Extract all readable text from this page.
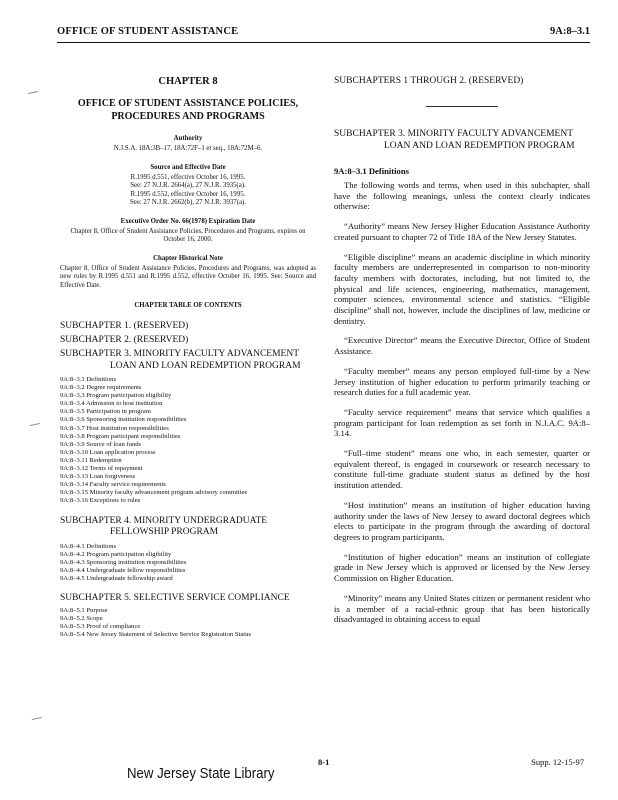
OFFICE OF STUDENT ASSISTANCE	9A:8–3.1

CHAPTER 8

OFFICE OF STUDENT ASSISTANCE POLICIES, PROCEDURES AND PROGRAMS

Authority

N.J.S.A. 18A:3B–17, 18A:72F–1 et seq., 18A:72M–6.

Source and Effective Date

R.1995 d.551, effective October 16, 1995.
See: 27 N.J.R. 2664(a), 27 N.J.R. 3935(a).
R.1995 d.552, effective October 16, 1995.
See: 27 N.J.R. 2662(b), 27 N.J.R. 3937(a).

Executive Order No. 66(1978) Expiration Date

Chapter 8, Office of Student Assistance Policies, Procedures and Programs, expires on October 16, 2000.

Chapter Historical Note

Chapter 8, Office of Student Assistance Policies, Procedures and Programs, was adopted as new rules by R.1995 d.551 and R.1995 d.552, effective October 16, 1995. See: Source and Effective Date.

CHAPTER TABLE OF CONTENTS

SUBCHAPTER 1. (RESERVED)

SUBCHAPTER 2. (RESERVED)

SUBCHAPTER 3. MINORITY FACULTY ADVANCEMENT LOAN AND LOAN REDEMPTION PROGRAM

9A:8–3.1 Definitions
9A:8–3.2 Degree requirements
9A:8–3.3 Program participation eligibility
9A:8–3.4 Admission to host institution
9A:8–3.5 Participation in program
9A:8–3.6 Sponsoring institution responsibilities
9A:8–3.7 Host institution responsibilities
9A:8–3.8 Program participant responsibilities
9A:8–3.9 Source of loan funds
9A:8–3.10 Loan application process
9A:8–3.11 Redemption
9A:8–3.12 Terms of repayment
9A:8–3.13 Loan forgiveness
9A:8–3.14 Faculty service requirements
9A:8–3.15 Minority faculty advancement program advisory committee
9A:8–3.16 Exceptions to rules

SUBCHAPTER 4. MINORITY UNDERGRADUATE FELLOWSHIP PROGRAM

9A:8–4.1 Definitions
9A:8–4.2 Program participation eligibility
9A:8–4.3 Sponsoring institution responsibilities
9A:8–4.4 Undergraduate fellow responsibilities
9A:8–4.5 Undergraduate fellowship award

SUBCHAPTER 5. SELECTIVE SERVICE COMPLIANCE

9A:8–5.1 Purpose
9A:8–5.2 Scope
9A:8–5.3 Proof of compliance
9A:8–5.4 New Jersey Statement of Selective Service Registration Status

SUBCHAPTERS 1 THROUGH 2. (RESERVED)

SUBCHAPTER 3. MINORITY FACULTY ADVANCEMENT LOAN AND LOAN REDEMPTION PROGRAM

9A:8–3.1 Definitions

The following words and terms, when used in this subchapter, shall have the following meanings, unless the context clearly indicates otherwise:

“Authority” means New Jersey Higher Education Assistance Authority created pursuant to chapter 72 of Title 18A of the New Jersey Statutes.

“Eligible discipline” means an academic discipline in which minority faculty members are underrepresented in comparison to non-minority faculty members with doctorates, including, but not limited to, the physical and life sciences, engineering, mathematics, management, computer sciences, environmental science and statistics. “Eligible discipline” shall not, however, include the disciplines of law, medicine or dentistry.

“Executive Director” means the Executive Director, Office of Student Assistance.

“Faculty member” means any person employed full-time by a New Jersey institution of higher education to perform primarily teaching or research duties for a full academic year.

“Faculty service requirement” means that service which qualifies a program participant for loan redemption as set forth in N.J.A.C. 9A:8–3.14.

“Full–time student” means one who, in each semester, quarter or equivalent thereof, is engaged in coursework or research necessary to constitute full-time graduate student status as defined by the host institution attended.

“Host institution” means an institution of higher education having authority under the laws of New Jersey to award doctoral degrees which elects to participate in the program through the awarding of doctoral degrees to program participants.

“Institution of higher education” means an institution of collegiate grade in New Jersey which is approved or licensed by the New Jersey Commission on Higher Education.

“Minority” means any United States citizen or permanent resident who is a member of a racial-ethnic group that has been historically disadvantaged in obtaining access to equal

New Jersey State Library
8-1	Supp. 12-15-97
